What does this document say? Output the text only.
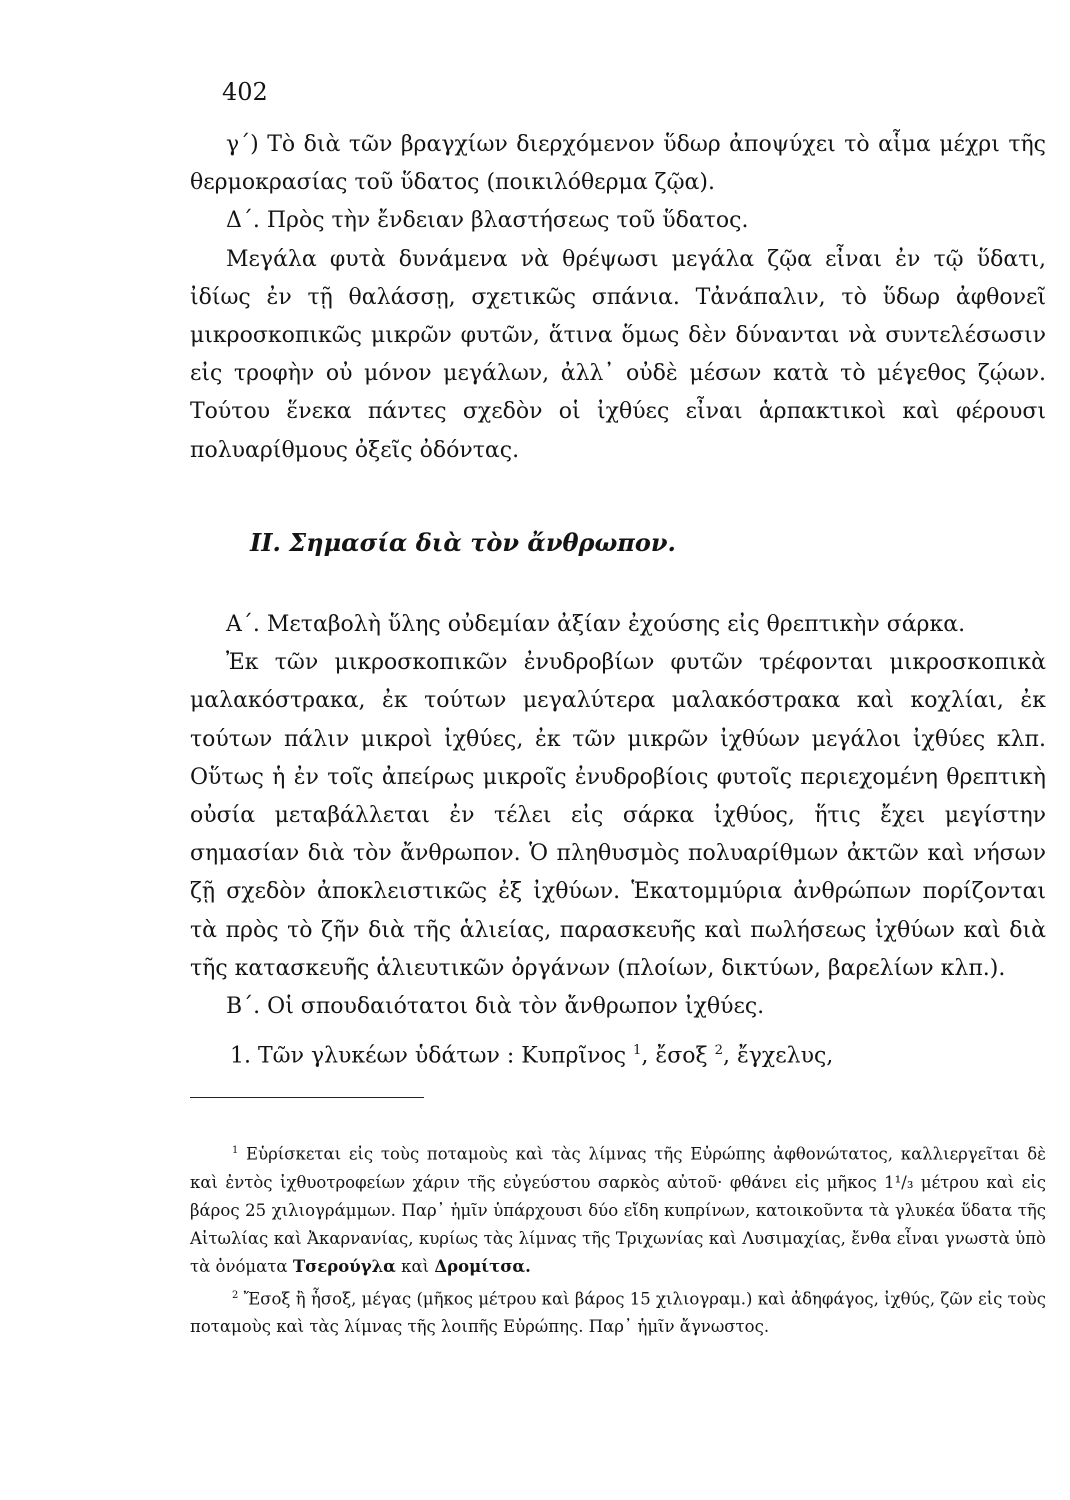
402

γ΄) Τὸ διὰ τῶν βραγχίων διερχόμενον ὕδωρ ἀποψύχει τὸ αἷμα μέχρι τῆς θερμοκρασίας τοῦ ὕδατος (ποικιλόθερμα ζῷα).

Δ΄. Πρὸς τὴν ἔνδειαν βλαστήσεως τοῦ ὕδατος.

Μεγάλα φυτὰ δυνάμενα νὰ θρέψωσι μεγάλα ζῷα εἶναι ἐν τῷ ὕδατι, ἰδίως ἐν τῇ θαλάσσῃ, σχετικῶς σπάνια. Τἀνάπαλιν, τὸ ὕδωρ ἀφθονεῖ μικροσκοπικῶς μικρῶν φυτῶν, ἅτινα ὅμως δὲν δύνανται νὰ συντελέσωσιν εἰς τροφὴν οὐ μόνον μεγάλων, ἀλλ᾽ οὐδὲ μέσων κατὰ τὸ μέγεθος ζῴων. Τούτου ἕνεκα πάντες σχεδὸν οἱ ἰχθύες εἶναι ἁρπακτικοὶ καὶ φέρουσι πολυαρίθμους ὀξεῖς ὀδόντας.

ΙΙ. Σημασία διὰ τὸν ἄνθρωπον.

Α΄. Μεταβολὴ ὕλης οὐδεμίαν ἀξίαν ἐχούσης εἰς θρεπτικὴν σάρκα.

Ἐκ τῶν μικροσκοπικῶν ἐνυδροβίων φυτῶν τρέφονται μικροσκοπικὰ μαλακόστρακα, ἐκ τούτων μεγαλύτερα μαλακόστρακα καὶ κοχλίαι, ἐκ τούτων πάλιν μικροὶ ἰχθύες, ἐκ τῶν μικρῶν ἰχθύων μεγάλοι ἰχθύες κλπ. Οὕτως ἡ ἐν τοῖς ἀπείρως μικροῖς ἐνυδροβίοις φυτοῖς περιεχομένη θρεπτικὴ οὐσία μεταβάλλεται ἐν τέλει εἰς σάρκα ἰχθύος, ἥτις ἔχει μεγίστην σημασίαν διὰ τὸν ἄνθρωπον. Ὁ πληθυσμὸς πολυαρίθμων ἀκτῶν καὶ νήσων ζῇ σχεδὸν ἀποκλειστικῶς ἐξ ἰχθύων. Ἑκατομμύρια ἀνθρώπων πορίζονται τὰ πρὸς τὸ ζῆν διὰ τῆς ἁλιείας, παρασκευῆς καὶ πωλήσεως ἰχθύων καὶ διὰ τῆς κατασκευῆς ἁλιευτικῶν ὀργάνων (πλοίων, δικτύων, βαρελίων κλπ.).

Β΄. Οἱ σπουδαιότατοι διὰ τὸν ἄνθρωπον ἰχθύες.

1. Τῶν γλυκέων ὑδάτων : Κυπρῖνος $^1$, ἔσοξ $^2$, ἔγχελυς,

$^1$ Εὑρίσκεται εἰς τοὺς ποταμοὺς καὶ τὰς λίμνας τῆς Εὐρώπης ἀφθονώτατος, καλλιεργεῖται δὲ καὶ ἐντὸς ἰχθυοτροφείων χάριν τῆς εὐγεύστου σαρκὸς αὐτοῦ· φθάνει εἰς μῆκος 1¹/₃ μέτρου καὶ εἰς βάρος 25 χιλιογράμμων. Παρ᾽ ἡμῖν ὑπάρχουσι δύο εἴδη κυπρίνων, κατοικοῦντα τὰ γλυκέα ὕδατα τῆς Αἰτωλίας καὶ Ἀκαρνανίας, κυρίως τὰς λίμνας τῆς Τριχωνίας καὶ Λυσιμαχίας, ἔνθα εἶναι γνωστὰ ὑπὸ τὰ ὀνόματα Τσερούγλα καὶ Δρομίτσα.

$^2$ Ἔσοξ ἢ ἧσοξ, μέγας (μῆκος μέτρου καὶ βάρος 15 χιλιογραμ.) καὶ ἀδηφάγος, ἰχθύς, ζῶν εἰς τοὺς ποταμοὺς καὶ τὰς λίμνας τῆς λοιπῆς Εὐρώπης. Παρ᾽ ἡμῖν ἄγνωστος.
